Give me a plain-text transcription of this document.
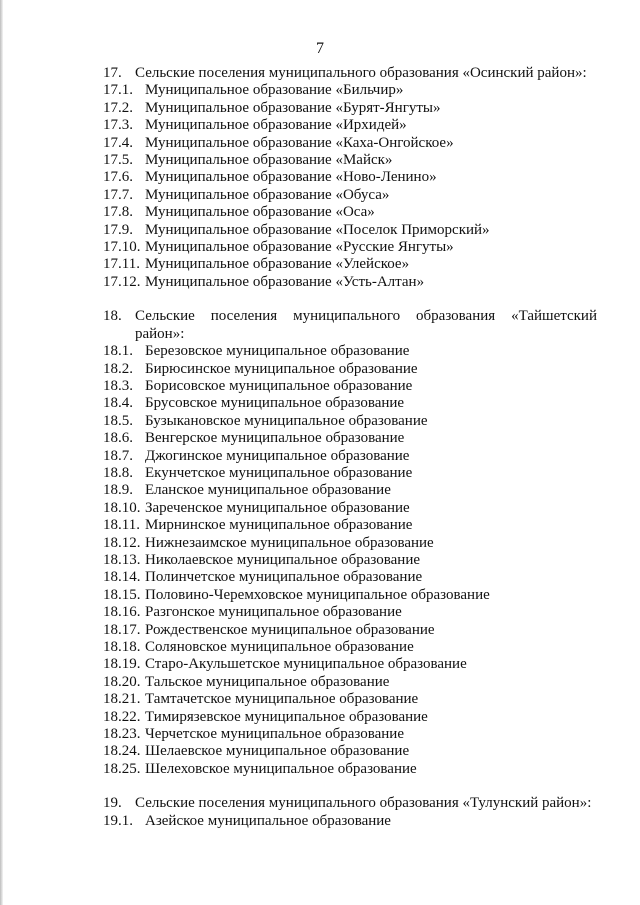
7
17. Сельские поселения муниципального образования «Осинский район»:
17.1. Муниципальное образование «Бильчир»
17.2. Муниципальное образование «Бурят-Янгуты»
17.3. Муниципальное образование «Ирхидей»
17.4. Муниципальное образование «Каха-Онгойское»
17.5. Муниципальное образование «Майск»
17.6. Муниципальное образование «Ново-Ленино»
17.7. Муниципальное образование «Обуса»
17.8. Муниципальное образование «Оса»
17.9. Муниципальное образование «Поселок Приморский»
17.10. Муниципальное образование «Русские Янгуты»
17.11. Муниципальное образование «Улейское»
17.12. Муниципальное образование «Усть-Алтан»
18. Сельские поселения муниципального образования «Тайшетский район»:
18.1. Березовское муниципальное образование
18.2. Бирюсинское муниципальное образование
18.3. Борисовское муниципальное образование
18.4. Брусовское муниципальное образование
18.5. Бузыкановское муниципальное образование
18.6. Венгерское муниципальное образование
18.7. Джогинское муниципальное образование
18.8. Екунчетское муниципальное образование
18.9. Еланское муниципальное образование
18.10. Зареченское муниципальное образование
18.11. Мирнинское муниципальное образование
18.12. Нижнезаимское муниципальное образование
18.13. Николаевское муниципальное образование
18.14. Полинчетское муниципальное образование
18.15. Половино-Черемховское муниципальное образование
18.16. Разгонское муниципальное образование
18.17. Рождественское муниципальное образование
18.18. Соляновское муниципальное образование
18.19. Старо-Акульшетское муниципальное образование
18.20. Тальское муниципальное образование
18.21. Тамтачетское муниципальное образование
18.22. Тимирязевское муниципальное образование
18.23. Черчетское муниципальное образование
18.24. Шелаевское муниципальное образование
18.25. Шелеховское муниципальное образование
19. Сельские поселения муниципального образования «Тулунский район»:
19.1. Азейское муниципальное образование
